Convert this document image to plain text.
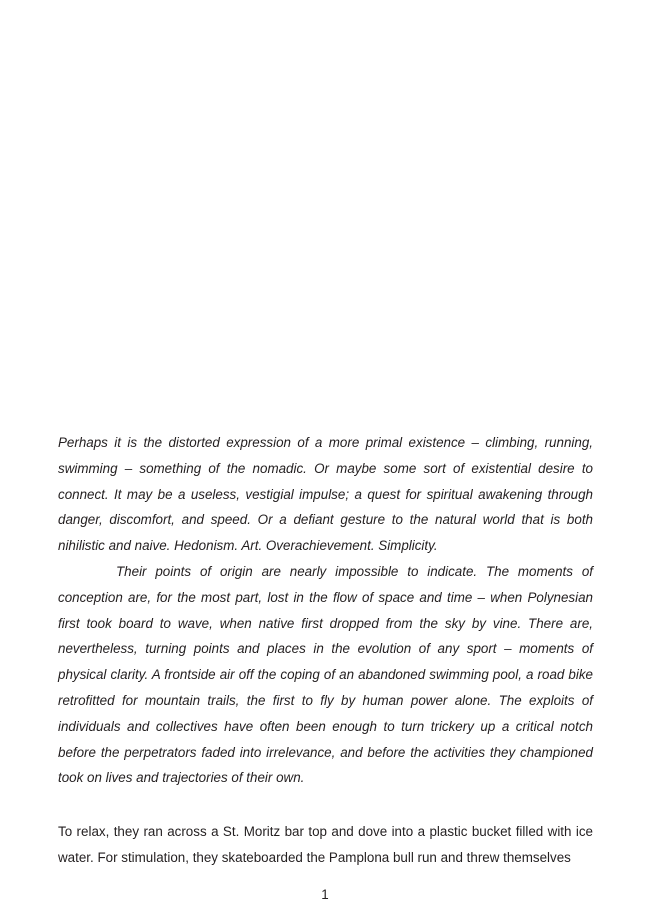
Perhaps it is the distorted expression of a more primal existence – climbing, running, swimming – something of the nomadic. Or maybe some sort of existential desire to connect. It may be a useless, vestigial impulse; a quest for spiritual awakening through danger, discomfort, and speed. Or a defiant gesture to the natural world that is both nihilistic and naive. Hedonism. Art. Overachievement. Simplicity.

Their points of origin are nearly impossible to indicate. The moments of conception are, for the most part, lost in the flow of space and time – when Polynesian first took board to wave, when native first dropped from the sky by vine. There are, nevertheless, turning points and places in the evolution of any sport – moments of physical clarity. A frontside air off the coping of an abandoned swimming pool, a road bike retrofitted for mountain trails, the first to fly by human power alone. The exploits of individuals and collectives have often been enough to turn trickery up a critical notch before the perpetrators faded into irrelevance, and before the activities they championed took on lives and trajectories of their own.

To relax, they ran across a St. Moritz bar top and dove into a plastic bucket filled with ice water. For stimulation, they skateboarded the Pamplona bull run and threw themselves

1
